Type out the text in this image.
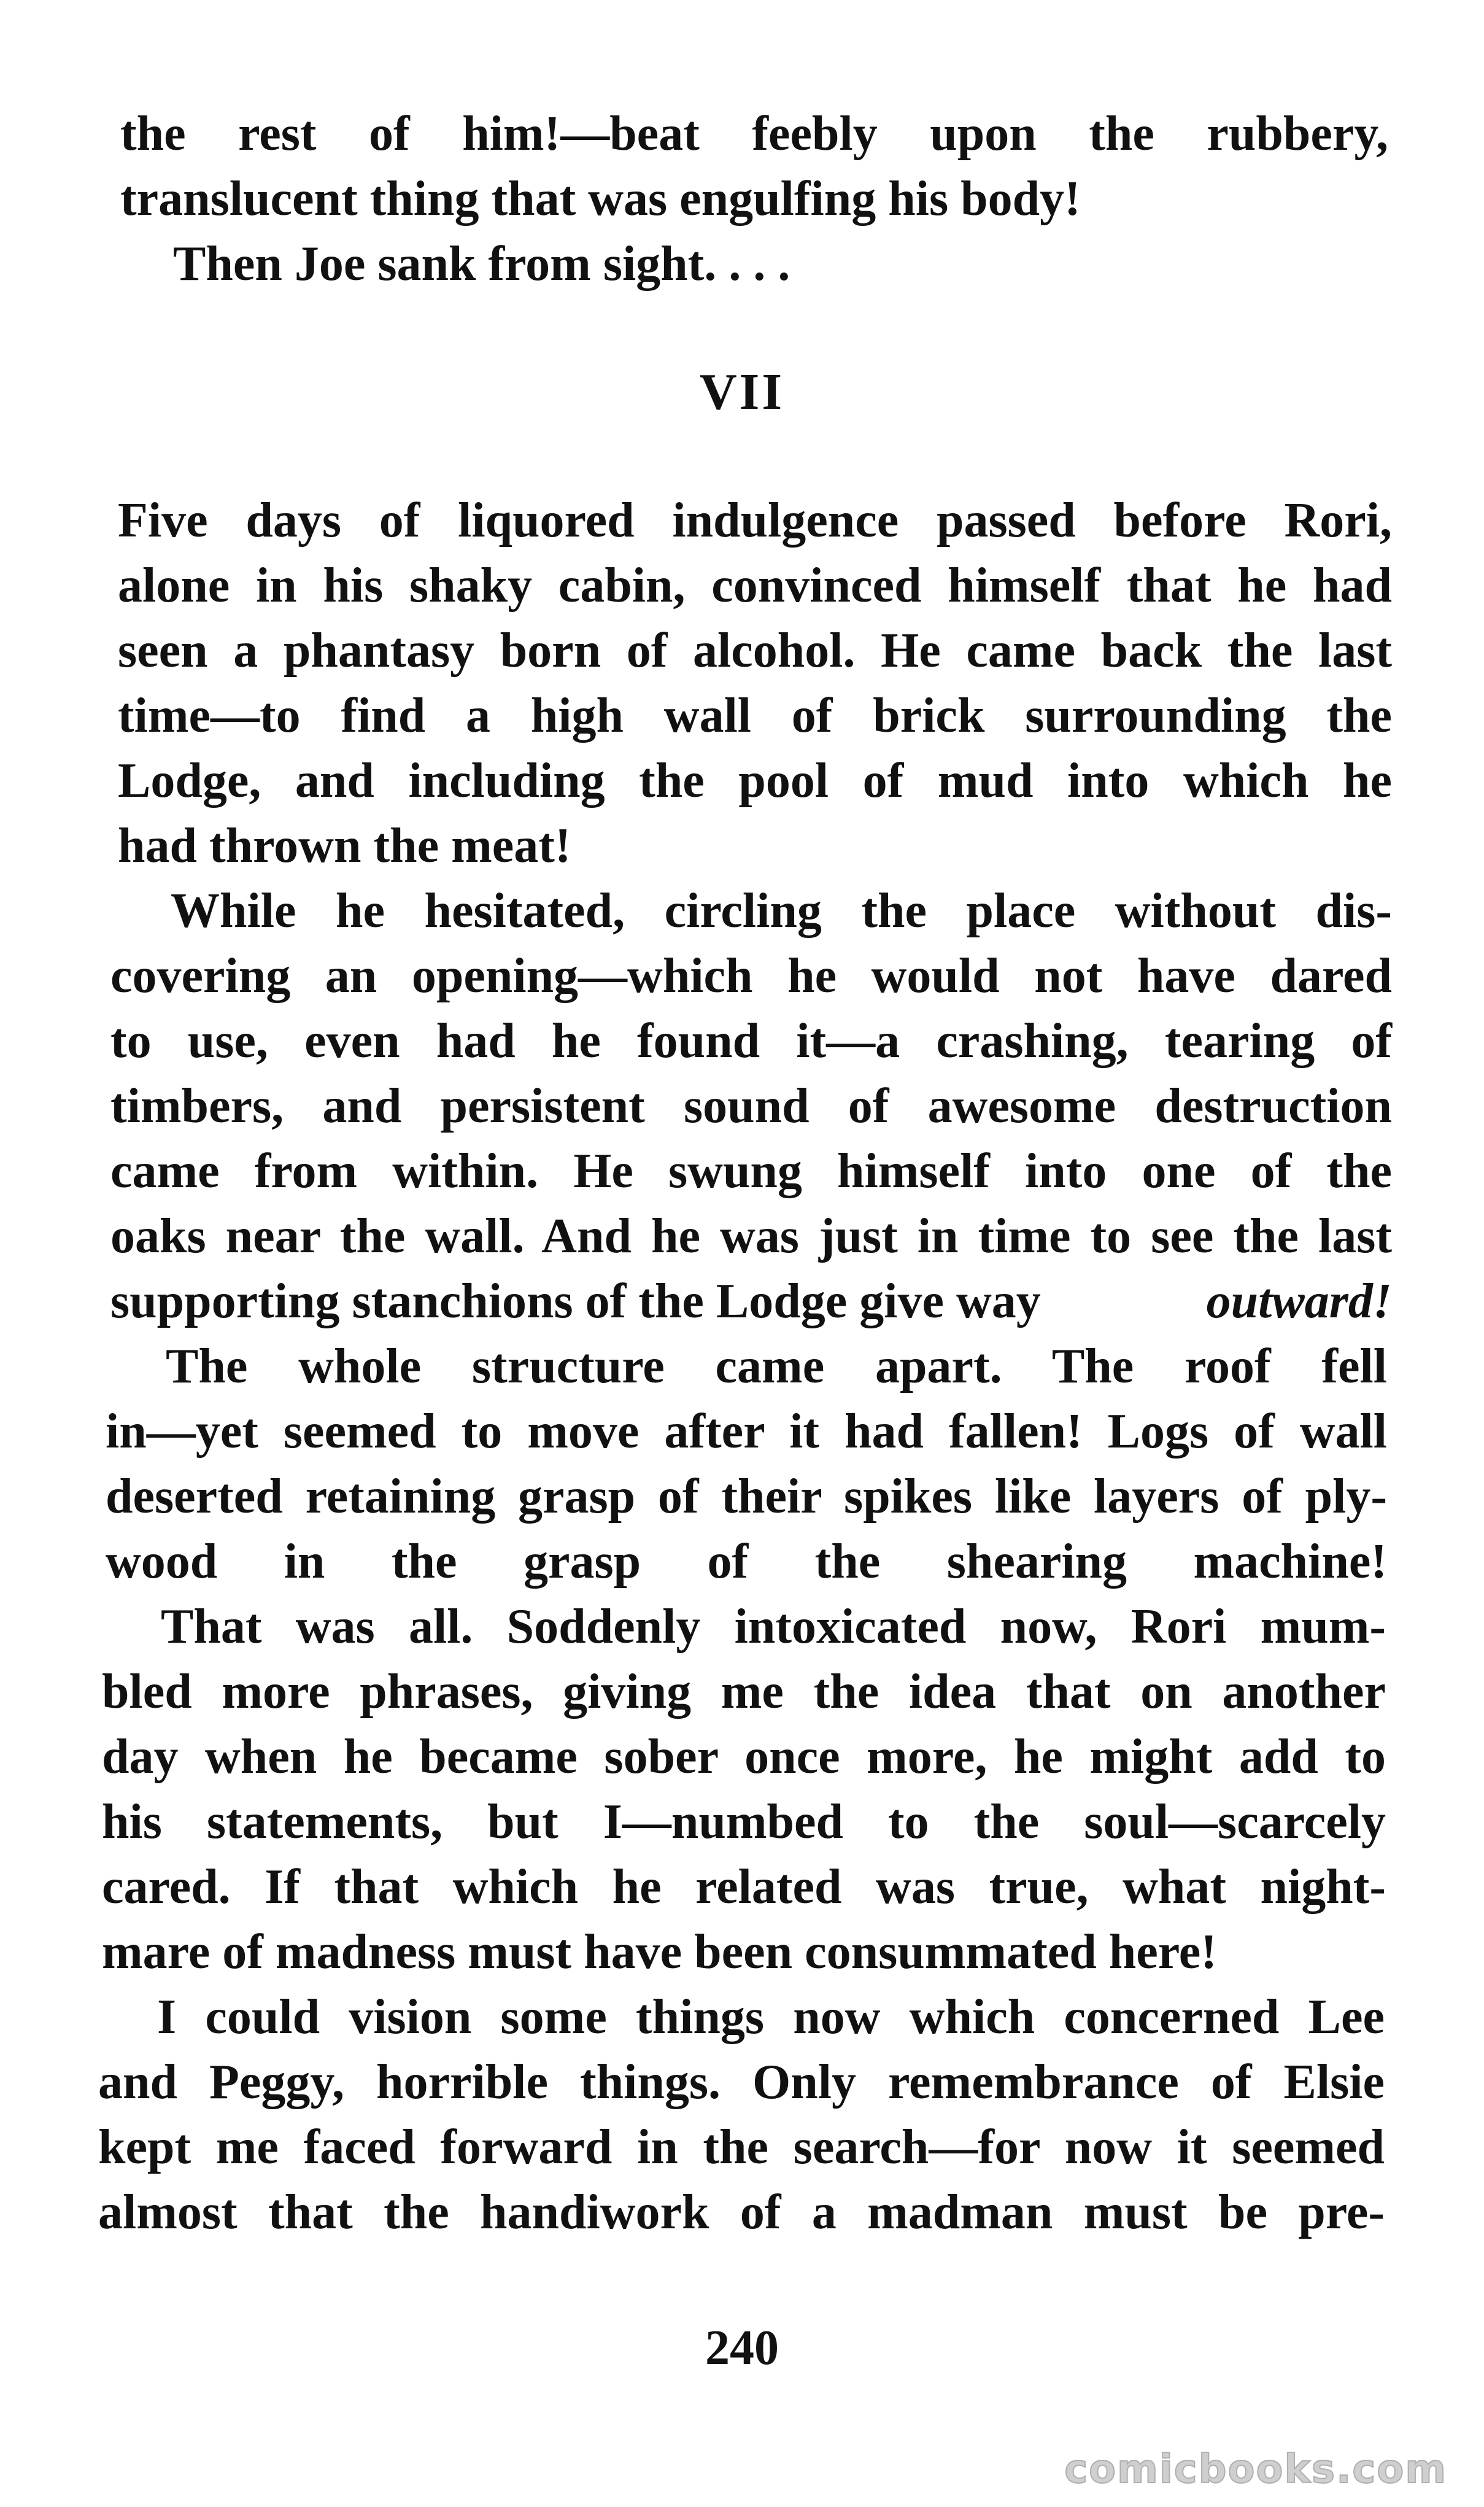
the rest of him!—beat feebly upon the rubbery,
translucent thing that was engulfing his body!
Then Joe sank from sight. . . .
VII
Five days of liquored indulgence passed before Rori,
alone in his shaky cabin, convinced himself that he had
seen a phantasy born of alcohol. He came back the last
time—to find a high wall of brick surrounding the
Lodge, and including the pool of mud into which he
had thrown the meat!
While he hesitated, circling the place without dis-
covering an opening—which he would not have dared
to use, even had he found it—a crashing, tearing of
timbers, and persistent sound of awesome destruction
came from within. He swung himself into one of the
oaks near the wall. And he was just in time to see the last
supporting stanchions of the Lodge give way	outward!
The whole structure came apart. The roof fell
in—yet seemed to move after it had fallen! Logs of wall
deserted retaining grasp of their spikes like layers of ply-
wood in the grasp of the shearing machine!
That was all. Soddenly intoxicated now, Rori mum-
bled more phrases, giving me the idea that on another
day when he became sober once more, he might add to
his statements, but I—numbed to the soul—scarcely
cared. If that which he related was true, what night-
mare of madness must have been consummated here!
I could vision some things now which concerned Lee
and Peggy, horrible things. Only remembrance of Elsie
kept me faced forward in the search—for now it seemed
almost that the handiwork of a madman must be pre-
240
comicbooks.com
